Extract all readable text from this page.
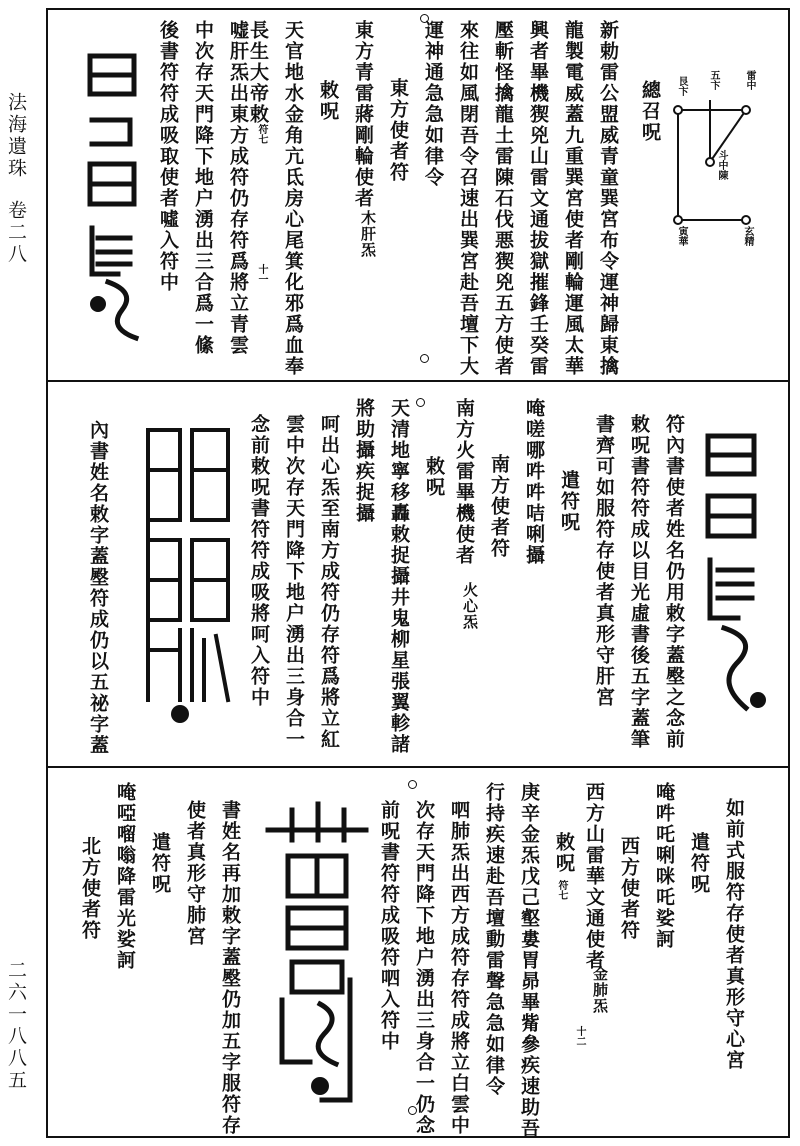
法海遺珠
卷二八
二六一八八五
雷中
五卞
艮卞
斗中陳
寅華	玄精
總召呪
新勅雷公盟威青童巽宮布令運神歸東擒
龍製電威蓋九重巽宮使者剛輪運風太華
興者畢機猰兇山雷文通拔獄摧鋒壬癸雷
壓斬怪擒龍土雷陳石伐悪猰兇五方使者
來往如風閉吾令召速出巽宮赴吾壇下大
運神通急急如律令
東方使者符
東方青雷蔣剛輪使者
木肝炁
敕呪
天官地水金角亢氐房心尾箕化邪爲血奉
長生大帝敕
符七
十一
嘘肝炁出東方成符仍存符爲將立青雲
中次存天門降下地户湧出三合爲一絛
後書符符成吸取使者噓入符中
符內書使者姓名仍用敕字蓋壂之念前
敕呪書符符成以目光虛書後五字蓋筆
書齊可如服符存使者真形守肝宮
遣符呪
唵嗟哪吽吽咭唎攝
南方使者符
南方火雷畢機使者
火心炁
敕呪
天清地寧移轟敕捉攝井鬼柳星張翼軫諸
將助攝疾捉攝
呵出心炁至南方成符仍存符爲將立紅
雲中次存天門降下地户湧出三身合一
念前敕呪書符符成吸將呵入符中
內書姓名敕字蓋壂符成仍以五祕字蓋
如前式服符存使者真形守心宮
遣符呪
唵吽吒唎咪吒娑訶
西方使者符
西方山雷華文通使者
金肺炁
符七
十二
敕呪
庚辛金炁戊己壑婁胃昴畢觜參疾速助吾
行持疾速赴吾壇動雷聲急急如律令
呬肺炁出西方成符存符成將立白雲中
次存天門降下地户湧出三身合一仍念
前呪書符符成吸符呬入符中
書姓名再加敕字蓋壂仍加五字服符存
使者真形守肺宮
遣符呪
唵啞𠺕嗡降雷光娑訶
北方使者符
